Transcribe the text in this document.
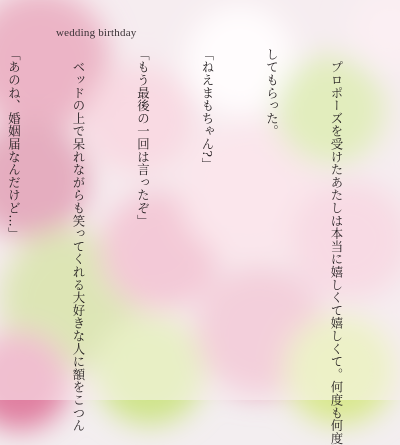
wedding birthday

　プロポーズを受けたあたしは本当に嬉しくて嬉しくて。何度も何度

してもらった。

「ねえまもちゃん?」

「もう最後の一回は言ったぞ」

　ベッドの上で呆れながらも笑ってくれる大好きな人に額をこつん

「あのね、婚姻届なんだけど…」
